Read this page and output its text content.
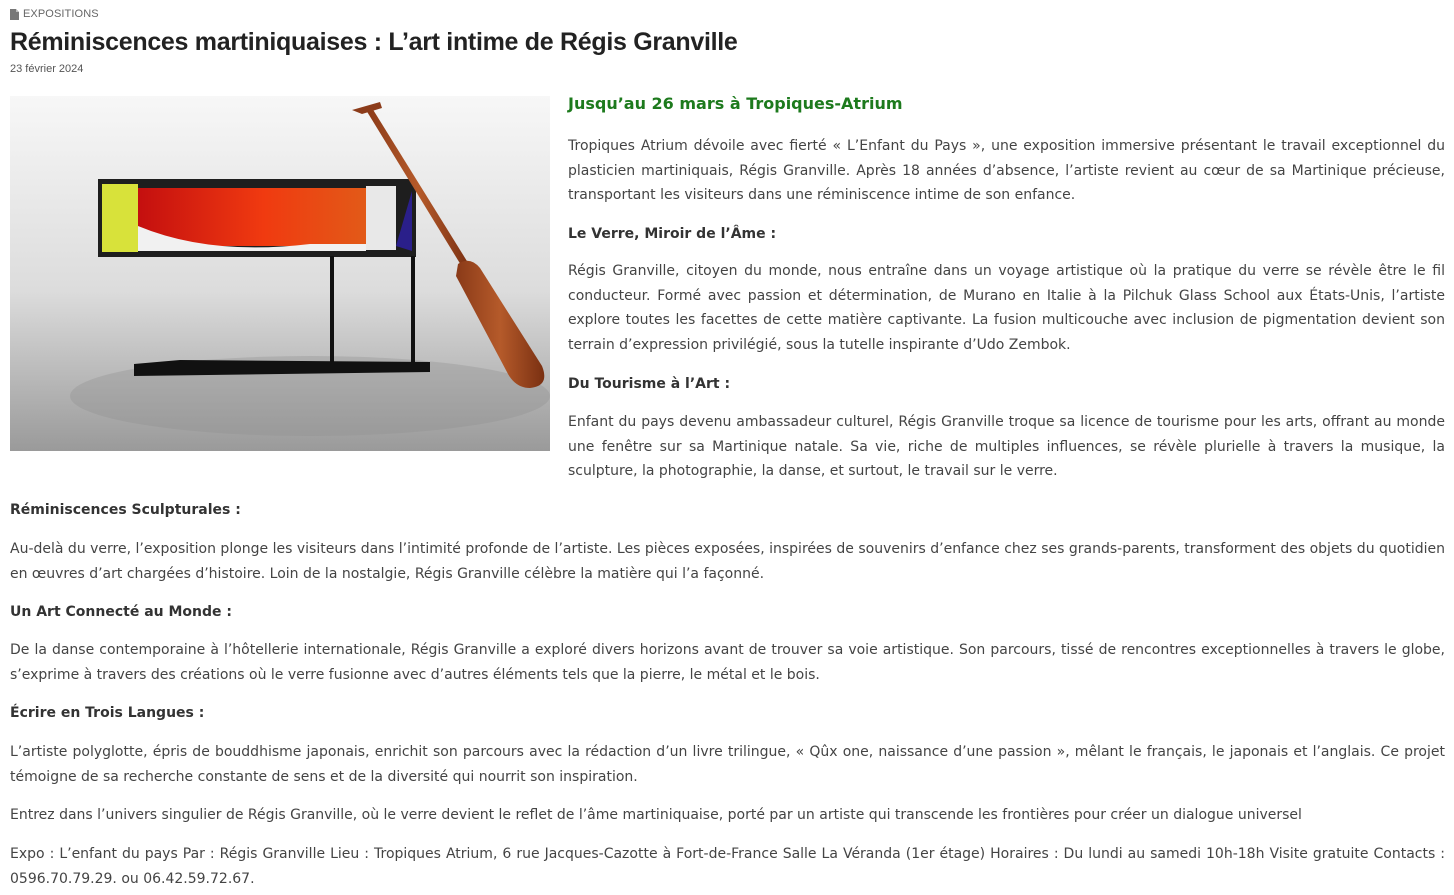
EXPOSITIONS
Réminiscences martiniquaises : L’art intime de Régis Granville
23 février 2024
Jusqu’au 26 mars à Tropiques-Atrium

Tropiques Atrium dévoile avec fierté « L’Enfant du Pays », une exposition immersive présentant le travail exceptionnel du plasticien martiniquais, Régis Granville. Après 18 années d’absence, l’artiste revient au cœur de sa Martinique précieuse, transportant les visiteurs dans une réminiscence intime de son enfance.

Le Verre, Miroir de l’Âme :

Régis Granville, citoyen du monde, nous entraîne dans un voyage artistique où la pratique du verre se révèle être le fil conducteur. Formé avec passion et détermination, de Murano en Italie à la Pilchuk Glass School aux États-Unis, l’artiste explore toutes les facettes de cette matière captivante. La fusion multicouche avec inclusion de pigmentation devient son terrain d’expression privilégié, sous la tutelle inspirante d’Udo Zembok.

Du Tourisme à l’Art :

Enfant du pays devenu ambassadeur culturel, Régis Granville troque sa licence de tourisme pour les arts, offrant au monde une fenêtre sur sa Martinique natale. Sa vie, riche de multiples influences, se révèle plurielle à travers la musique, la sculpture, la photographie, la danse, et surtout, le travail sur le verre.

Réminiscences Sculpturales :

Au-delà du verre, l’exposition plonge les visiteurs dans l’intimité profonde de l’artiste. Les pièces exposées, inspirées de souvenirs d’enfance chez ses grands-parents, transforment des objets du quotidien en œuvres d’art chargées d’histoire. Loin de la nostalgie, Régis Granville célèbre la matière qui l’a façonné.

Un Art Connecté au Monde :

De la danse contemporaine à l’hôtellerie internationale, Régis Granville a exploré divers horizons avant de trouver sa voie artistique. Son parcours, tissé de rencontres exceptionnelles à travers le globe, s’exprime à travers des créations où le verre fusionne avec d’autres éléments tels que la pierre, le métal et le bois.

Écrire en Trois Langues :

L’artiste polyglotte, épris de bouddhisme japonais, enrichit son parcours avec la rédaction d’un livre trilingue, « Qûx one, naissance d’une passion », mêlant le français, le japonais et l’anglais. Ce projet témoigne de sa recherche constante de sens et de la diversité qui nourrit son inspiration.

Entrez dans l’univers singulier de Régis Granville, où le verre devient le reflet de l’âme martiniquaise, porté par un artiste qui transcende les frontières pour créer un dialogue universel

Expo : L’enfant du pays Par : Régis Granville Lieu : Tropiques Atrium, 6 rue Jacques-Cazotte à Fort-de-France Salle La Véranda (1er étage) Horaires : Du lundi au samedi 10h-18h Visite gratuite Contacts : 0596.70.79.29. ou 06.42.59.72.67.
